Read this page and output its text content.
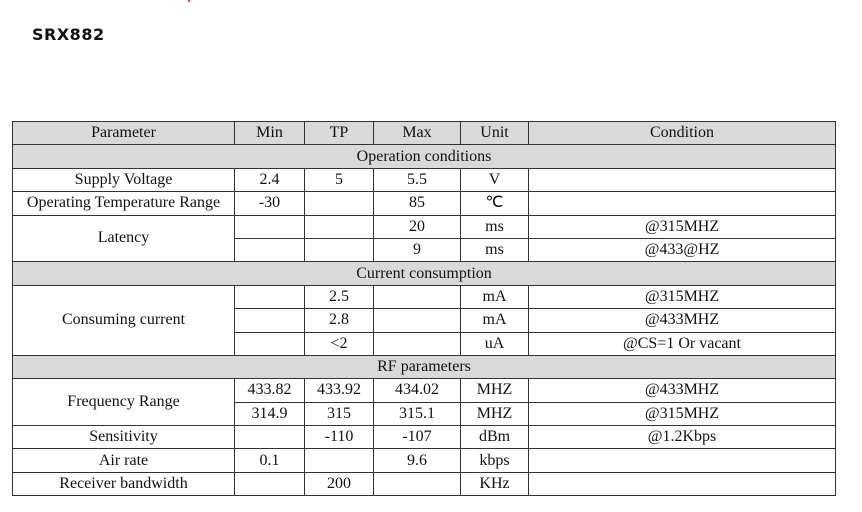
SRX882
Parameter	Min	TP	Max	Unit	Condition
Operation conditions					
Supply Voltage	2.4	5	5.5	V	
Operating Temperature Range	-30		85	℃	
Latency			20	ms	@315MHZ
			9	ms	@433@HZ
Current consumption					
Consuming current		2.5		mA	@315MHZ
		2.8		mA	@433MHZ
		<2		uA	@CS=1 Or vacant
RF parameters					
Frequency Range	433.82	433.92	434.02	MHZ	@433MHZ
	314.9	315	315.1	MHZ	@315MHZ
Sensitivity		-110	-107	dBm	@1.2Kbps
Air rate	0.1		9.6	kbps	
Receiver bandwidth		200		KHz	
